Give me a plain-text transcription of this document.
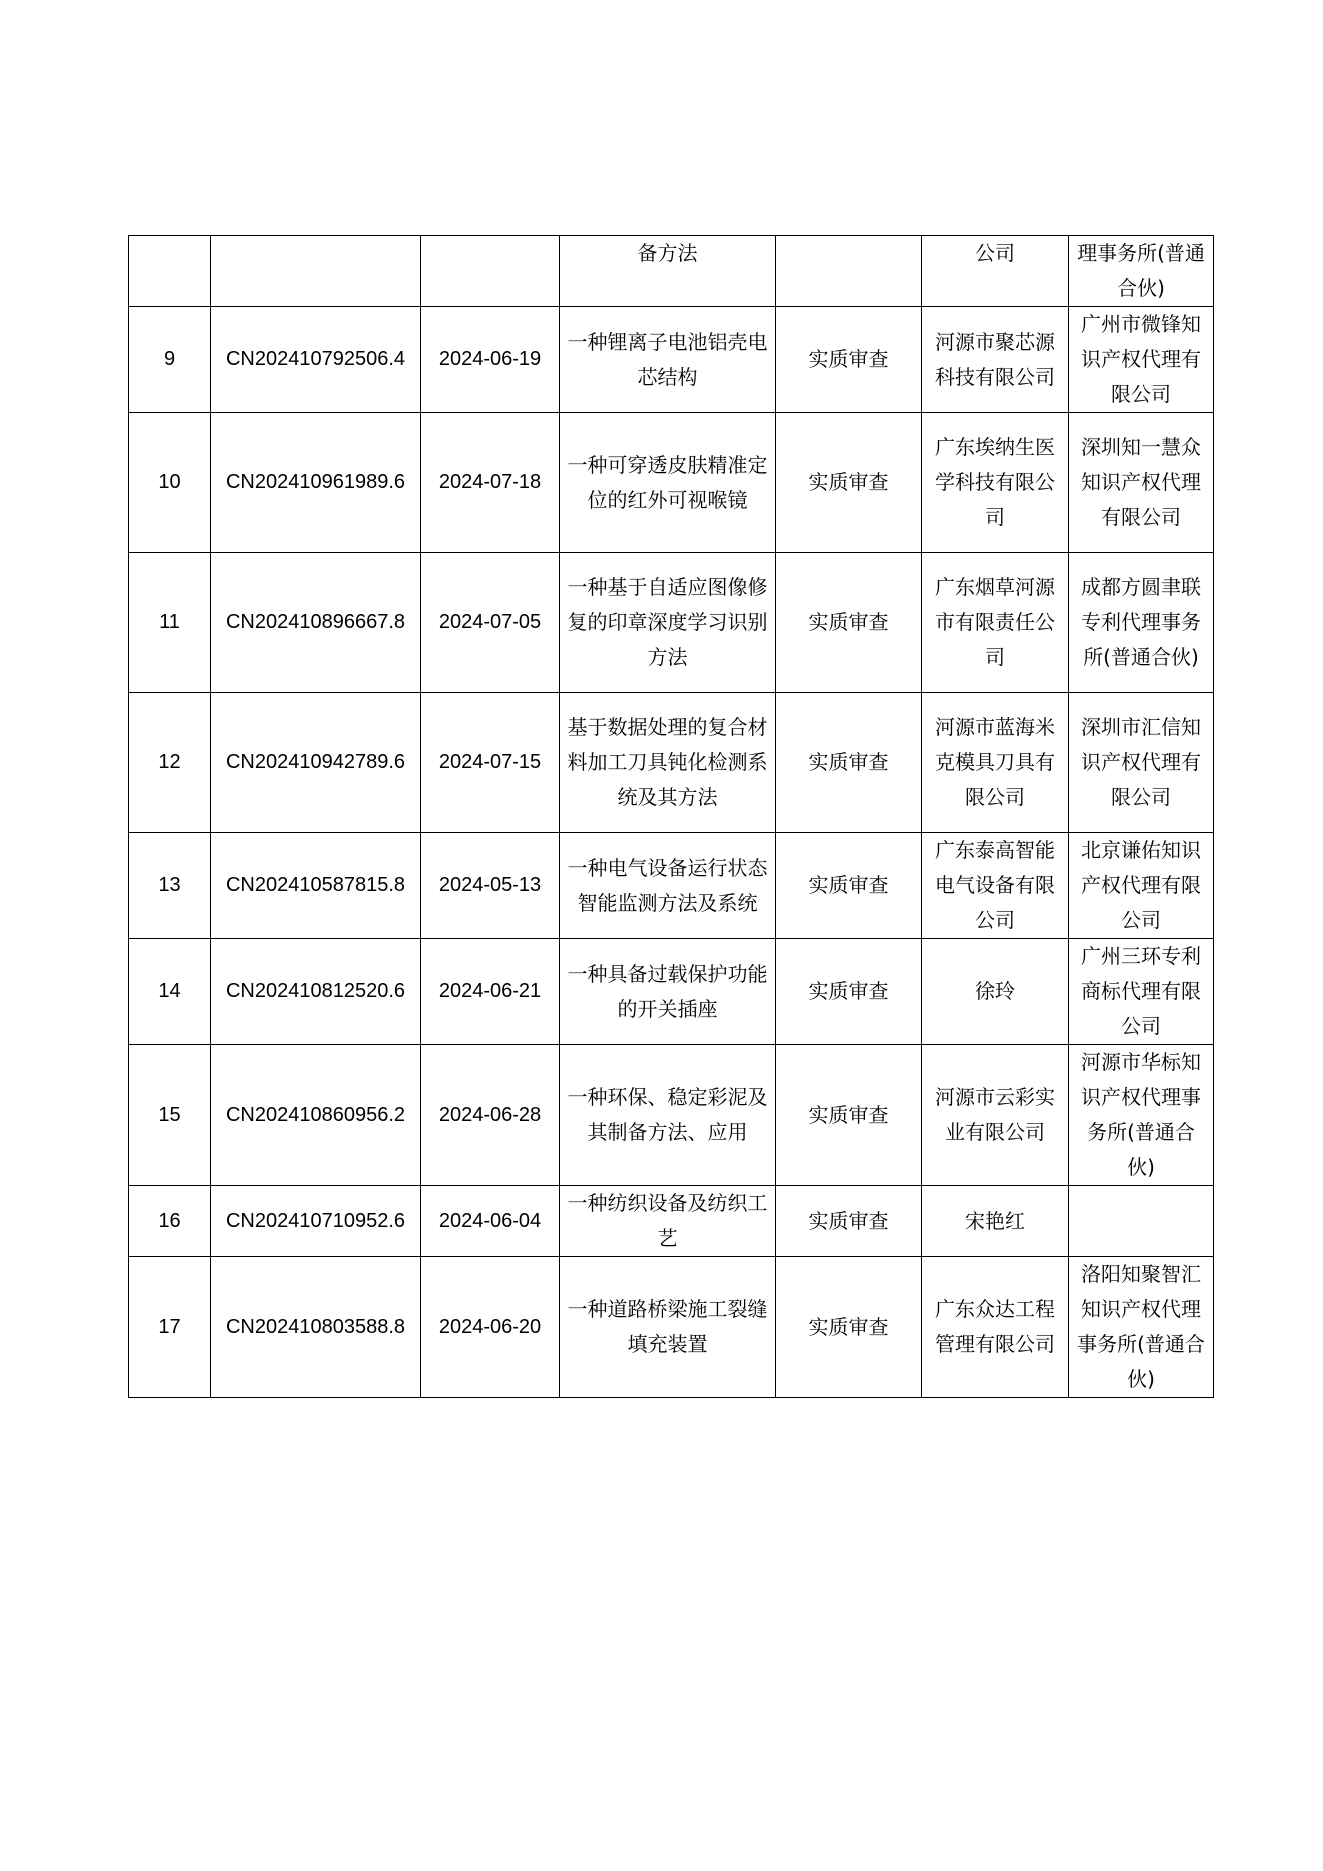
			备方法		公司	理事务所(普通合伙)
9	CN202410792506.4	2024-06-19	一种锂离子电池铝壳电芯结构	实质审查	河源市聚芯源科技有限公司	广州市微锋知识产权代理有限公司
10	CN202410961989.6	2024-07-18	一种可穿透皮肤精准定位的红外可视喉镜	实质审查	广东埃纳生医学科技有限公司	深圳知一慧众知识产权代理有限公司
11	CN202410896667.8	2024-07-05	一种基于自适应图像修复的印章深度学习识别方法	实质审查	广东烟草河源市有限责任公司	成都方圆聿联专利代理事务所(普通合伙)
12	CN202410942789.6	2024-07-15	基于数据处理的复合材料加工刀具钝化检测系统及其方法	实质审查	河源市蓝海米克模具刀具有限公司	深圳市汇信知识产权代理有限公司
13	CN202410587815.8	2024-05-13	一种电气设备运行状态智能监测方法及系统	实质审查	广东泰高智能电气设备有限公司	北京谦佑知识产权代理有限公司
14	CN202410812520.6	2024-06-21	一种具备过载保护功能的开关插座	实质审查	徐玲	广州三环专利商标代理有限公司
15	CN202410860956.2	2024-06-28	一种环保、稳定彩泥及其制备方法、应用	实质审查	河源市云彩实业有限公司	河源市华标知识产权代理事务所(普通合伙)
16	CN202410710952.6	2024-06-04	一种纺织设备及纺织工艺	实质审查	宋艳红	
17	CN202410803588.8	2024-06-20	一种道路桥梁施工裂缝填充装置	实质审查	广东众达工程管理有限公司	洛阳知聚智汇知识产权代理事务所(普通合伙)
